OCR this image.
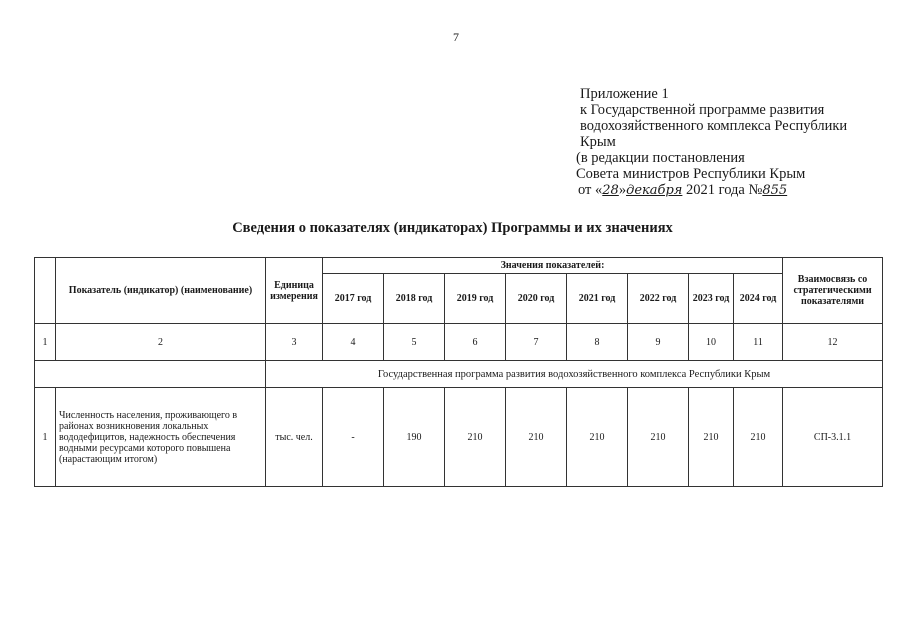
7
Приложение 1
к Государственной программе развития
водохозяйственного комплекса Республики
Крым
(в редакции постановления
Совета министров Республики Крым
от «28»декабря 2021 года №855
Сведения о показателях (индикаторах) Программы и их значениях
	Показатель (индикатор) (наименование)	Единица измерения	Значения показателей:								Взаимосвязь со стратегическими показателями
			2017 год	2018 год	2019 год	2020 год	2021 год	2022 год	2023 год	2024 год	
1	2	3	4	5	6	7	8	9	10	11	12
		Государственная программа развития водохозяйственного комплекса Республики Крым									
1	Численность населения, проживающего в районах возникновения локальных вододефицитов, надежность обеспечения водными ресурсами которого повышена (нарастающим итогом)	тыс. чел.	-	190	210	210	210	210	210	210	СП-3.1.1
